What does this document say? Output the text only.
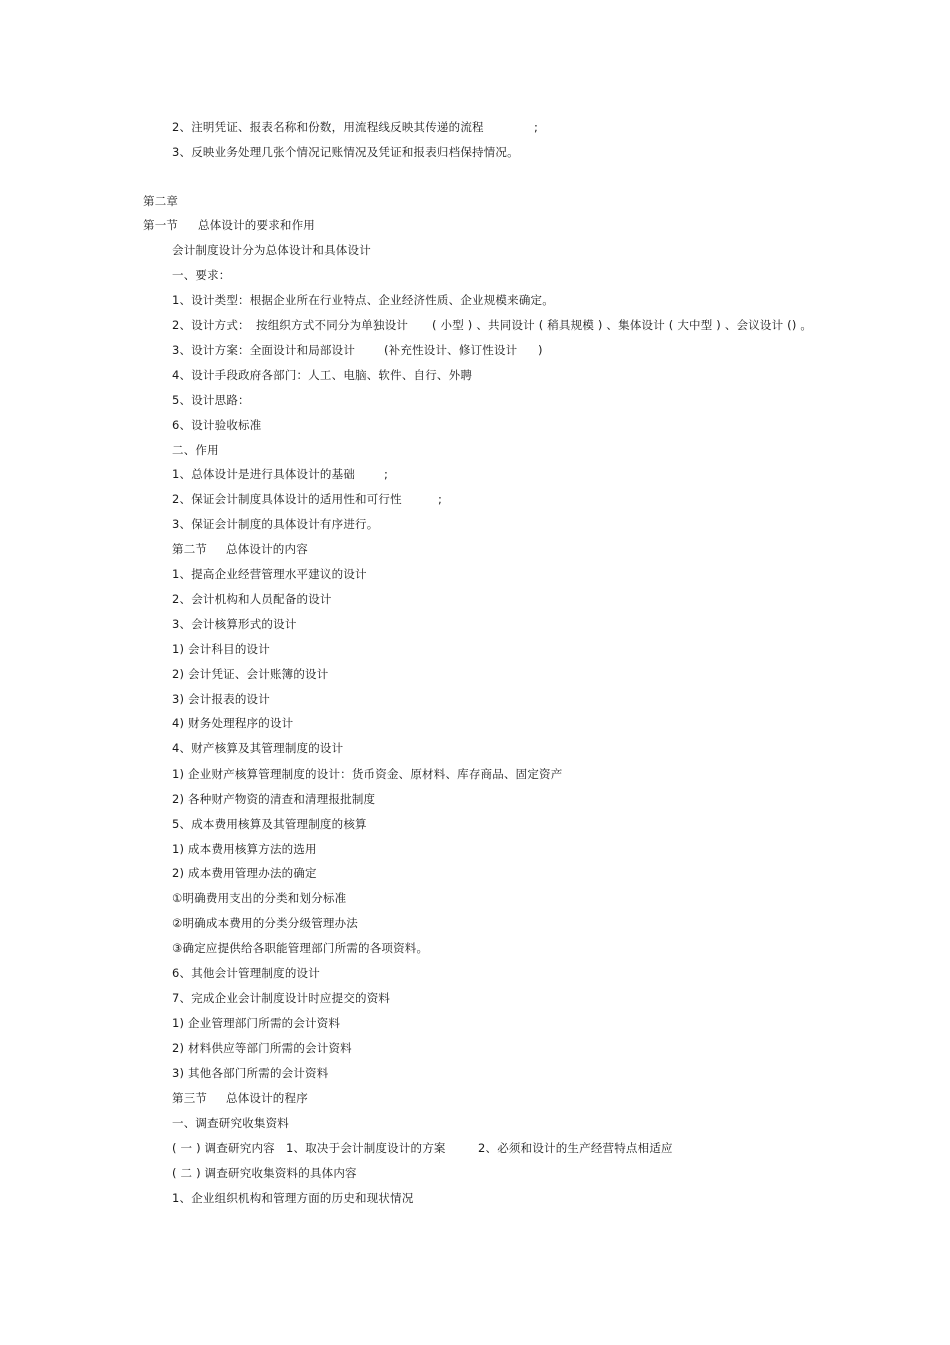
2、注明凭证、报表名称和份数，用流程线反映其传递的流程	;
3、反映业务处理几张个情况记账情况及凭证和报表归档保持情况。
第二章
第一节 总体设计的要求和作用
会计制度设计分为总体设计和具体设计
一、要求：
1、设计类型：根据企业所在行业特点、企业经济性质、企业规模来确定。
2、设计方式： 按组织方式不同分为单独设计 ( 小型 ) 、共同设计 ( 稍具规模 ) 、集体设计 ( 大中型 ) 、会议设计 () 。
3、设计方案：全面设计和局部设计	(补充性设计、修订性设计 )
4、设计手段政府各部门：人工、电脑、软件、自行、外聘
5、设计思路：
6、设计验收标准
二、作用
1、总体设计是进行具体设计的基础	;
2、保证会计制度具体设计的适用性和可行性	;
3、保证会计制度的具体设计有序进行。
第二节 总体设计的内容
1、提高企业经营管理水平建议的设计
2、会计机构和人员配备的设计
3、会计核算形式的设计
1) 会计科目的设计
2) 会计凭证、会计账簿的设计
3) 会计报表的设计
4) 财务处理程序的设计
4、财产核算及其管理制度的设计
1) 企业财产核算管理制度的设计：货币资金、原材料、库存商品、固定资产
2) 各种财产物资的清查和清理报批制度
5、成本费用核算及其管理制度的核算
1) 成本费用核算方法的选用
2) 成本费用管理办法的确定
①明确费用支出的分类和划分标准
②明确成本费用的分类分级管理办法
③确定应提供给各职能管理部门所需的各项资料。
6、其他会计管理制度的设计
7、完成企业会计制度设计时应提交的资料
1) 企业管理部门所需的会计资料
2) 材料供应等部门所需的会计资料
3) 其他各部门所需的会计资料
第三节 总体设计的程序
一、调查研究收集资料
( 一 ) 调查研究内容 1、取决于会计制度设计的方案	2、必须和设计的生产经营特点相适应
( 二 ) 调查研究收集资料的具体内容
1、企业组织机构和管理方面的历史和现状情况
